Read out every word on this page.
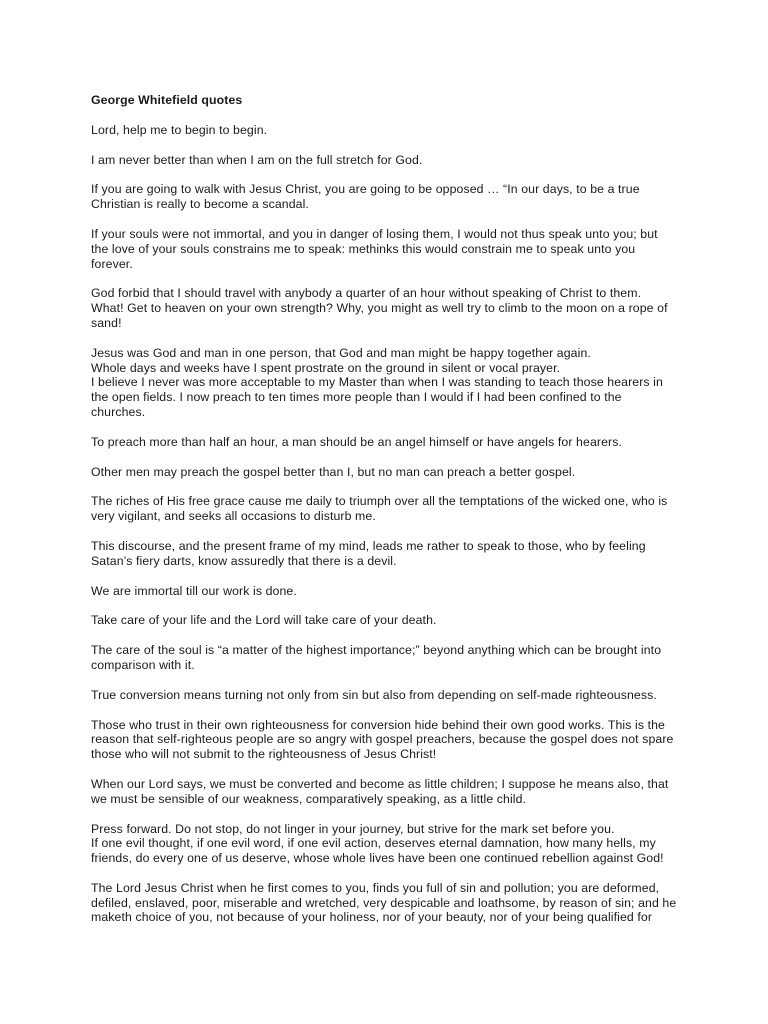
George Whitefield quotes
Lord, help me to begin to begin.
I am never better than when I am on the full stretch for God.
If you are going to walk with Jesus Christ, you are going to be opposed … “In our days, to be a true
Christian is really to become a scandal.
If your souls were not immortal, and you in danger of losing them, I would not thus speak unto you; but
the love of your souls constrains me to speak: methinks this would constrain me to speak unto you
forever.
God forbid that I should travel with anybody a quarter of an hour without speaking of Christ to them.
What! Get to heaven on your own strength? Why, you might as well try to climb to the moon on a rope of
sand!
Jesus was God and man in one person, that God and man might be happy together again.
Whole days and weeks have I spent prostrate on the ground in silent or vocal prayer.
I believe I never was more acceptable to my Master than when I was standing to teach those hearers in
the open fields. I now preach to ten times more people than I would if I had been confined to the
churches.
To preach more than half an hour, a man should be an angel himself or have angels for hearers.
Other men may preach the gospel better than I, but no man can preach a better gospel.
The riches of His free grace cause me daily to triumph over all the temptations of the wicked one, who is
very vigilant, and seeks all occasions to disturb me.
This discourse, and the present frame of my mind, leads me rather to speak to those, who by feeling
Satan’s fiery darts, know assuredly that there is a devil.
We are immortal till our work is done.
Take care of your life and the Lord will take care of your death.
The care of the soul is “a matter of the highest importance;” beyond anything which can be brought into
comparison with it.
True conversion means turning not only from sin but also from depending on self-made righteousness.
Those who trust in their own righteousness for conversion hide behind their own good works. This is the
reason that self-righteous people are so angry with gospel preachers, because the gospel does not spare
those who will not submit to the righteousness of Jesus Christ!
When our Lord says, we must be converted and become as little children; I suppose he means also, that
we must be sensible of our weakness, comparatively speaking, as a little child.
Press forward. Do not stop, do not linger in your journey, but strive for the mark set before you.
If one evil thought, if one evil word, if one evil action, deserves eternal damnation, how many hells, my
friends, do every one of us deserve, whose whole lives have been one continued rebellion against God!
The Lord Jesus Christ when he first comes to you, finds you full of sin and pollution; you are deformed,
defiled, enslaved, poor, miserable and wretched, very despicable and loathsome, by reason of sin; and he
maketh choice of you, not because of your holiness, nor of your beauty, nor of your being qualified for
